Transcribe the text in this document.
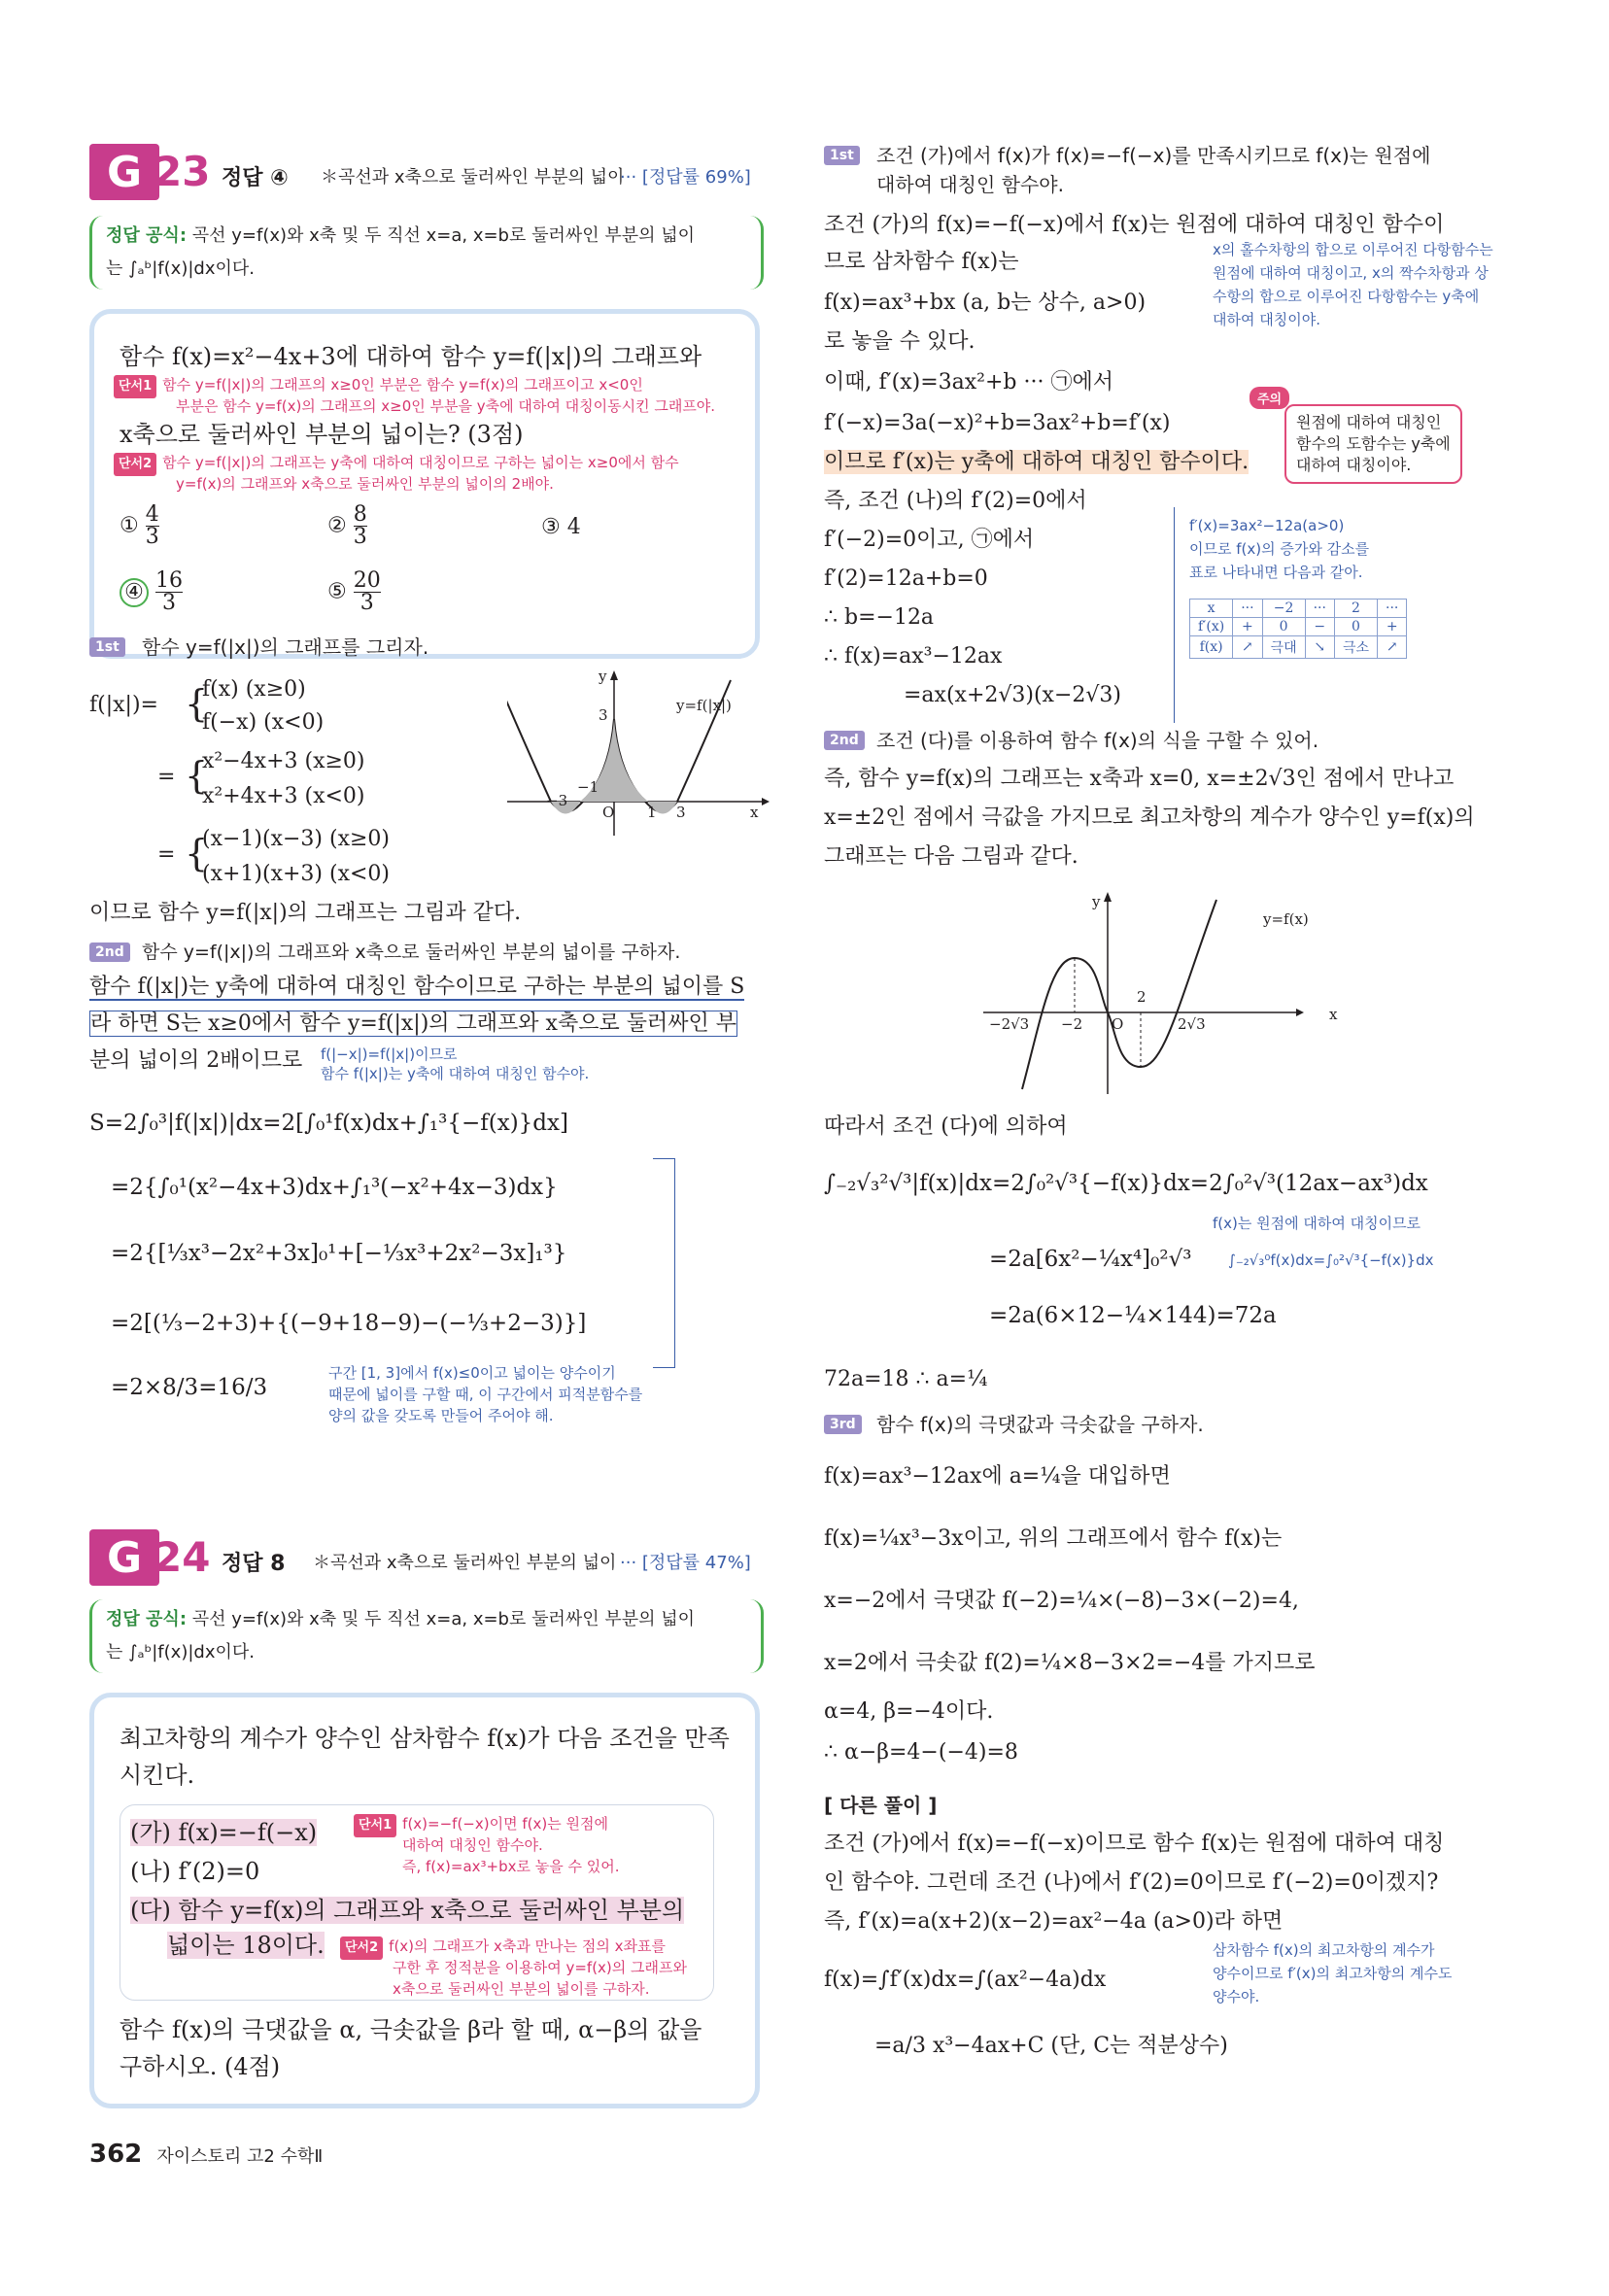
G 23 정답 ④ ＊곡선과 x축으로 둘러싸인 부분의 넓이
··· [정답률 69%]
정답 공식: 곡선 y=f(x)와 x축 및 두 직선 x=a, x=b로 둘러싸인 부분의 넓이
는 ∫ₐᵇ|f(x)|dx이다.
함수 f(x)=x²−4x+3에 대하여 함수 y=f(|x|)의 그래프와
단서1 함수 y=f(|x|)의 그래프의 x≥0인 부분은 함수 y=f(x)의 그래프이고 x<0인
부분은 함수 y=f(x)의 그래프의 x≥0인 부분을 y축에 대하여 대칭이동시킨 그래프야.
x축으로 둘러싸인 부분의 넓이는? (3점)
단서2 함수 y=f(|x|)의 그래프는 y축에 대하여 대칭이므로 구하는 넓이는 x≥0에서 함수
y=f(x)의 그래프와 x축으로 둘러싸인 부분의 넓이의 2배야.
① $\frac{4}{3}$	② $\frac{8}{3}$	③ 4
④ $\frac{16}{3}$	⑤ $\frac{20}{3}$
1st	함수 y=f(|x|)의 그래프를 그리자.
f(|x|)= {
f(x) (x≥0)
f(−x) (x<0)
= {
x²−4x+3 (x≥0)
x²+4x+3 (x<0)
= {
(x−1)(x−3) (x≥0)
(x+1)(x+3) (x<0)
−3
−1
O 1 3	x
y
3
y=f(|x|)
이므로 함수 y=f(|x|)의 그래프는 그림과 같다.
2nd 함수 y=f(|x|)의 그래프와 x축으로 둘러싸인 부분의 넓이를 구하자.
함수 f(|x|)는 y축에 대하여 대칭인 함수이므로 구하는 부분의 넓이를 S
라 하면 S는 x≥0에서 함수 y=f(|x|)의 그래프와 x축으로 둘러싸인 부
분의 넓이의 2배이므로 f(|−x|)=f(|x|)이므로
함수 f(|x|)는 y축에 대하여 대칭인 함수야.
S=2∫₀³|f(|x|)|dx=2[∫₀¹f(x)dx+∫₁³{−f(x)}dx]
=2{∫₀¹(x²−4x+3)dx+∫₁³(−x²+4x−3)dx}
=2{[⅓x³−2x²+3x]₀¹+[−⅓x³+2x²−3x]₁³}
=2[(⅓−2+3)+{(−9+18−9)−(−⅓+2−3)}]
=2×8/3=16/3
구간 [1, 3]에서 f(x)≤0이고 넓이는 양수이기
때문에 넓이를 구할 때, 이 구간에서 피적분함수를
양의 값을 갖도록 만들어 주어야 해.
G 24 정답 8 ＊곡선과 x축으로 둘러싸인 부분의 넓이 ··· [정답률 47%]
정답 공식: 곡선 y=f(x)와 x축 및 두 직선 x=a, x=b로 둘러싸인 부분의 넓이
는 ∫ₐᵇ|f(x)|dx이다.
최고차항의 계수가 양수인 삼차함수 f(x)가 다음 조건을 만족
시킨다.
(가) f(x)=−f(−x)
(나) f′(2)=0
(다) 함수 y=f(x)의 그래프와 x축으로 둘러싸인 부분의
넓이는 18이다.
단서1 f(x)=−f(−x)이면 f(x)는 원점에
대하여 대칭인 함수야.
즉, f(x)=ax³+bx로 놓을 수 있어.
단서2 f(x)의 그래프가 x축과 만나는 점의 x좌표를
구한 후 정적분을 이용하여 y=f(x)의 그래프와
x축으로 둘러싸인 부분의 넓이를 구하자.
함수 f(x)의 극댓값을 α, 극솟값을 β라 할 때, α−β의 값을
구하시오. (4점)
1st	조건 (가)에서 f(x)가 f(x)=−f(−x)를 만족시키므로 f(x)는 원점에
대하여 대칭인 함수야.
조건 (가)의 f(x)=−f(−x)에서 f(x)는 원점에 대하여 대칭인 함수이
므로 삼차함수 f(x)는
f(x)=ax³+bx (a, b는 상수, a>0)
로 놓을 수 있다.
x의 홀수차항의 합으로 이루어진 다항함수는
원점에 대하여 대칭이고, x의 짝수차항과 상
수항의 합으로 이루어진 다항함수는 y축에
대하여 대칭이야.
이때, f′(x)=3ax²+b ··· ㉠에서
f′(−x)=3a(−x)²+b=3ax²+b=f′(x)
이므로 f′(x)는 y축에 대하여 대칭인 함수이다.
주의
원점에 대하여 대칭인
함수의 도함수는 y축에
대하여 대칭이야.
즉, 조건 (나)의 f′(2)=0에서
f′(−2)=0이고, ㉠에서
f′(2)=12a+b=0
∴ b=−12a
∴ f(x)=ax³−12ax
=ax(x+2√3)(x−2√3)
f′(x)=3ax²−12a(a>0)
이므로 f(x)의 증가와 감소를
표로 나타내면 다음과 같아.
x	···	−2	···	2	···
f′(x)	+	0	−	0	+
f(x)	↗	극대	↘	극소	↗
2nd 조건 (다)를 이용하여 함수 f(x)의 식을 구할 수 있어.
즉, 함수 y=f(x)의 그래프는 x축과 x=0, x=±2√3인 점에서 만나고
x=±2인 점에서 극값을 가지므로 최고차항의 계수가 양수인 y=f(x)의
그래프는 다음 그림과 같다.
−2√3 −2 O
2
2√3
x
y
y=f(x)
따라서 조건 (다)에 의하여
∫₋₂√₃²√³|f(x)|dx=2∫₀²√³{−f(x)}dx=2∫₀²√³(12ax−ax³)dx
f(x)는 원점에 대하여 대칭이므로
∫₋₂√₃⁰f(x)dx=∫₀²√³{−f(x)}dx
=2a[6x²−¼x⁴]₀²√³
=2a(6×12−¼×144)=72a
72a=18 ∴ a=¼
3rd	함수 f(x)의 극댓값과 극솟값을 구하자.
f(x)=ax³−12ax에 a=¼을 대입하면
f(x)=¼x³−3x이고, 위의 그래프에서 함수 f(x)는
x=−2에서 극댓값 f(−2)=¼×(−8)−3×(−2)=4,
x=2에서 극솟값 f(2)=¼×8−3×2=−4를 가지므로
α=4, β=−4이다.
∴ α−β=4−(−4)=8
[ 다른 풀이 ]
조건 (가)에서 f(x)=−f(−x)이므로 함수 f(x)는 원점에 대하여 대칭
인 함수야. 그런데 조건 (나)에서 f′(2)=0이므로 f′(−2)=0이겠지?
즉, f′(x)=a(x+2)(x−2)=ax²−4a (a>0)라 하면
삼차함수 f(x)의 최고차항의 계수가
양수이므로 f′(x)의 최고차항의 계수도
양수야.
f(x)=∫f′(x)dx=∫(ax²−4a)dx
=a/3 x³−4ax+C (단, C는 적분상수)
362 자이스토리 고2 수학Ⅱ
